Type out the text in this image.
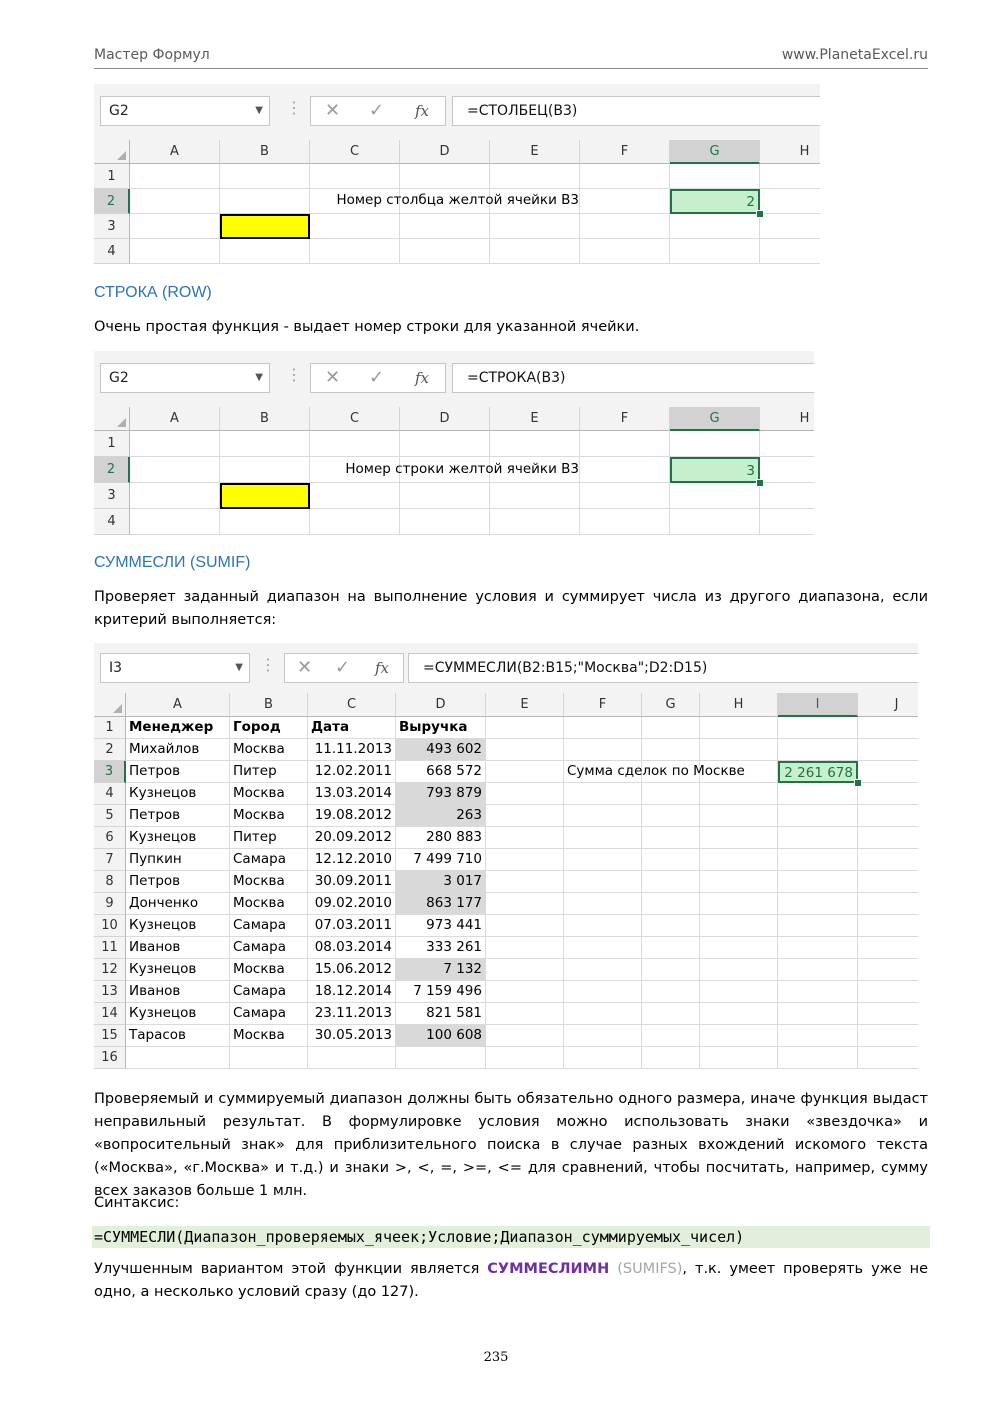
Мастер Формул	www.PlanetaExcel.ru
G2	▼ ⋮ ✕ ✓ fx	=СТОЛБЕЦ(B3)
A	B	C	D	E	F	G	H
1
2	Номер столбца желтой ячейки B3	2
3
4
СТРОКА (ROW)
Очень простая функция - выдает номер строки для указанной ячейки.
G2	▼ ⋮ ✕ ✓ fx	=СТРОКА(B3)
A	B	C	D	E	F	G	H
1
2	Номер строки желтой ячейки B3	3
3
4
СУММЕСЛИ (SUMIF)
Проверяет заданный диапазон на выполнение условия и суммирует числа из другого диапазона, если критерий выполняется:
I3	▼ ⋮ ✕ ✓ fx	=СУММЕСЛИ(B2:B15;"Москва";D2:D15)
A	B	C	D	E	F	G	H	I	J
1	Менеджер	Город	Дата	Выручка
2	Михайлов	Москва	11.11.2013	493 602
3	Петров	Питер	12.02.2011	668 572	Сумма сделок по Москве	2 261 678
4	Кузнецов	Москва	13.03.2014	793 879
5	Петров	Москва	19.08.2012	263
6	Кузнецов	Питер	20.09.2012	280 883
7	Пупкин	Самара	12.12.2010	7 499 710
8	Петров	Москва	30.09.2011	3 017
9	Донченко	Москва	09.02.2010	863 177
10 Кузнецов	Самара	07.03.2011	973 441
11 Иванов	Самара	08.03.2014	333 261
12 Кузнецов	Москва	15.06.2012	7 132
13 Иванов	Самара	18.12.2014	7 159 496
14 Кузнецов	Самара	23.11.2013	821 581
15 Тарасов	Москва	30.05.2013	100 608
16
Проверяемый и суммируемый диапазон должны быть обязательно одного размера, иначе функция выдаст неправильный результат. В формулировке условия можно использовать знаки «звездочка» и «вопросительный знак» для приблизительного поиска в случае разных вхождений искомого текста («Москва», «г.Москва» и т.д.) и знаки >, <, =, >=, <= для сравнений, чтобы посчитать, например, сумму всех заказов больше 1 млн.
Синтаксис:
=СУММЕСЛИ(Диапазон_проверяемых_ячеек;Условие;Диапазон_суммируемых_чисел)
Улучшенным вариантом этой функции является СУММЕСЛИМН (SUMIFS), т.к. умеет проверять уже не одно, а несколько условий сразу (до 127).
235
